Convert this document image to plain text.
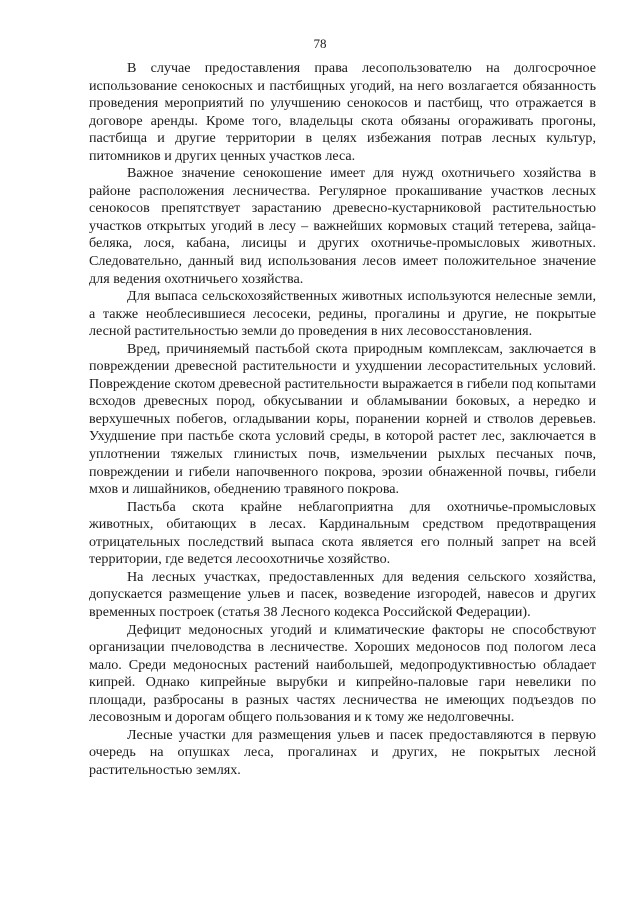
78

В случае предоставления права лесопользователю на долгосрочное использование сенокосных и пастбищных угодий, на него возлагается обязанность проведения мероприятий по улучшению сенокосов и пастбищ, что отражается в договоре аренды. Кроме того, владельцы скота обязаны огораживать прогоны, пастбища и другие территории в целях избежания потрав лесных культур, питомников и других ценных участков леса.

Важное значение сенокошение имеет для нужд охотничьего хозяйства в районе расположения лесничества. Регулярное прокашивание участков лесных сенокосов препятствует зарастанию древесно-кустарниковой растительностью участков открытых угодий в лесу – важнейших кормовых стаций тетерева, зайца-беляка, лося, кабана, лисицы и других охотничье-промысловых животных. Следовательно, данный вид использования лесов имеет положительное значение для ведения охотничьего хозяйства.

Для выпаса сельскохозяйственных животных используются нелесные земли, а также необлесившиеся лесосеки, редины, прогалины и другие, не покрытые лесной растительностью земли до проведения в них лесовосстановления.

Вред, причиняемый пастьбой скота природным комплексам, заключается в повреждении древесной растительности и ухудшении лесорастительных условий. Повреждение скотом древесной растительности выражается в гибели под копытами всходов древесных пород, обкусывании и обламывании боковых, а нередко и верхушечных побегов, огладывании коры, поранении корней и стволов деревьев. Ухудшение при пастьбе скота условий среды, в которой растет лес, заключается в уплотнении тяжелых глинистых почв, измельчении рыхлых песчаных почв, повреждении и гибели напочвенного покрова, эрозии обнаженной почвы, гибели мхов и лишайников, обеднению травяного покрова.

Пастьба скота крайне неблагоприятна для охотничье-промысловых животных, обитающих в лесах. Кардинальным средством предотвращения отрицательных последствий выпаса скота является его полный запрет на всей территории, где ведется лесоохотничье хозяйство.

На лесных участках, предоставленных для ведения сельского хозяйства, допускается размещение ульев и пасек, возведение изгородей, навесов и других временных построек (статья 38 Лесного кодекса Российской Федерации).

Дефицит медоносных угодий и климатические факторы не способствуют организации пчеловодства в лесничестве. Хороших медоносов под пологом леса мало. Среди медоносных растений наибольшей, медопродуктивностью обладает кипрей. Однако кипрейные вырубки и кипрейно-паловые гари невелики по площади, разбросаны в разных частях лесничества не имеющих подъездов по лесовозным и дорогам общего пользования и к тому же недолговечны.

Лесные участки для размещения ульев и пасек предоставляются в первую очередь на опушках леса, прогалинах и других, не покрытых лесной растительностью землях.
